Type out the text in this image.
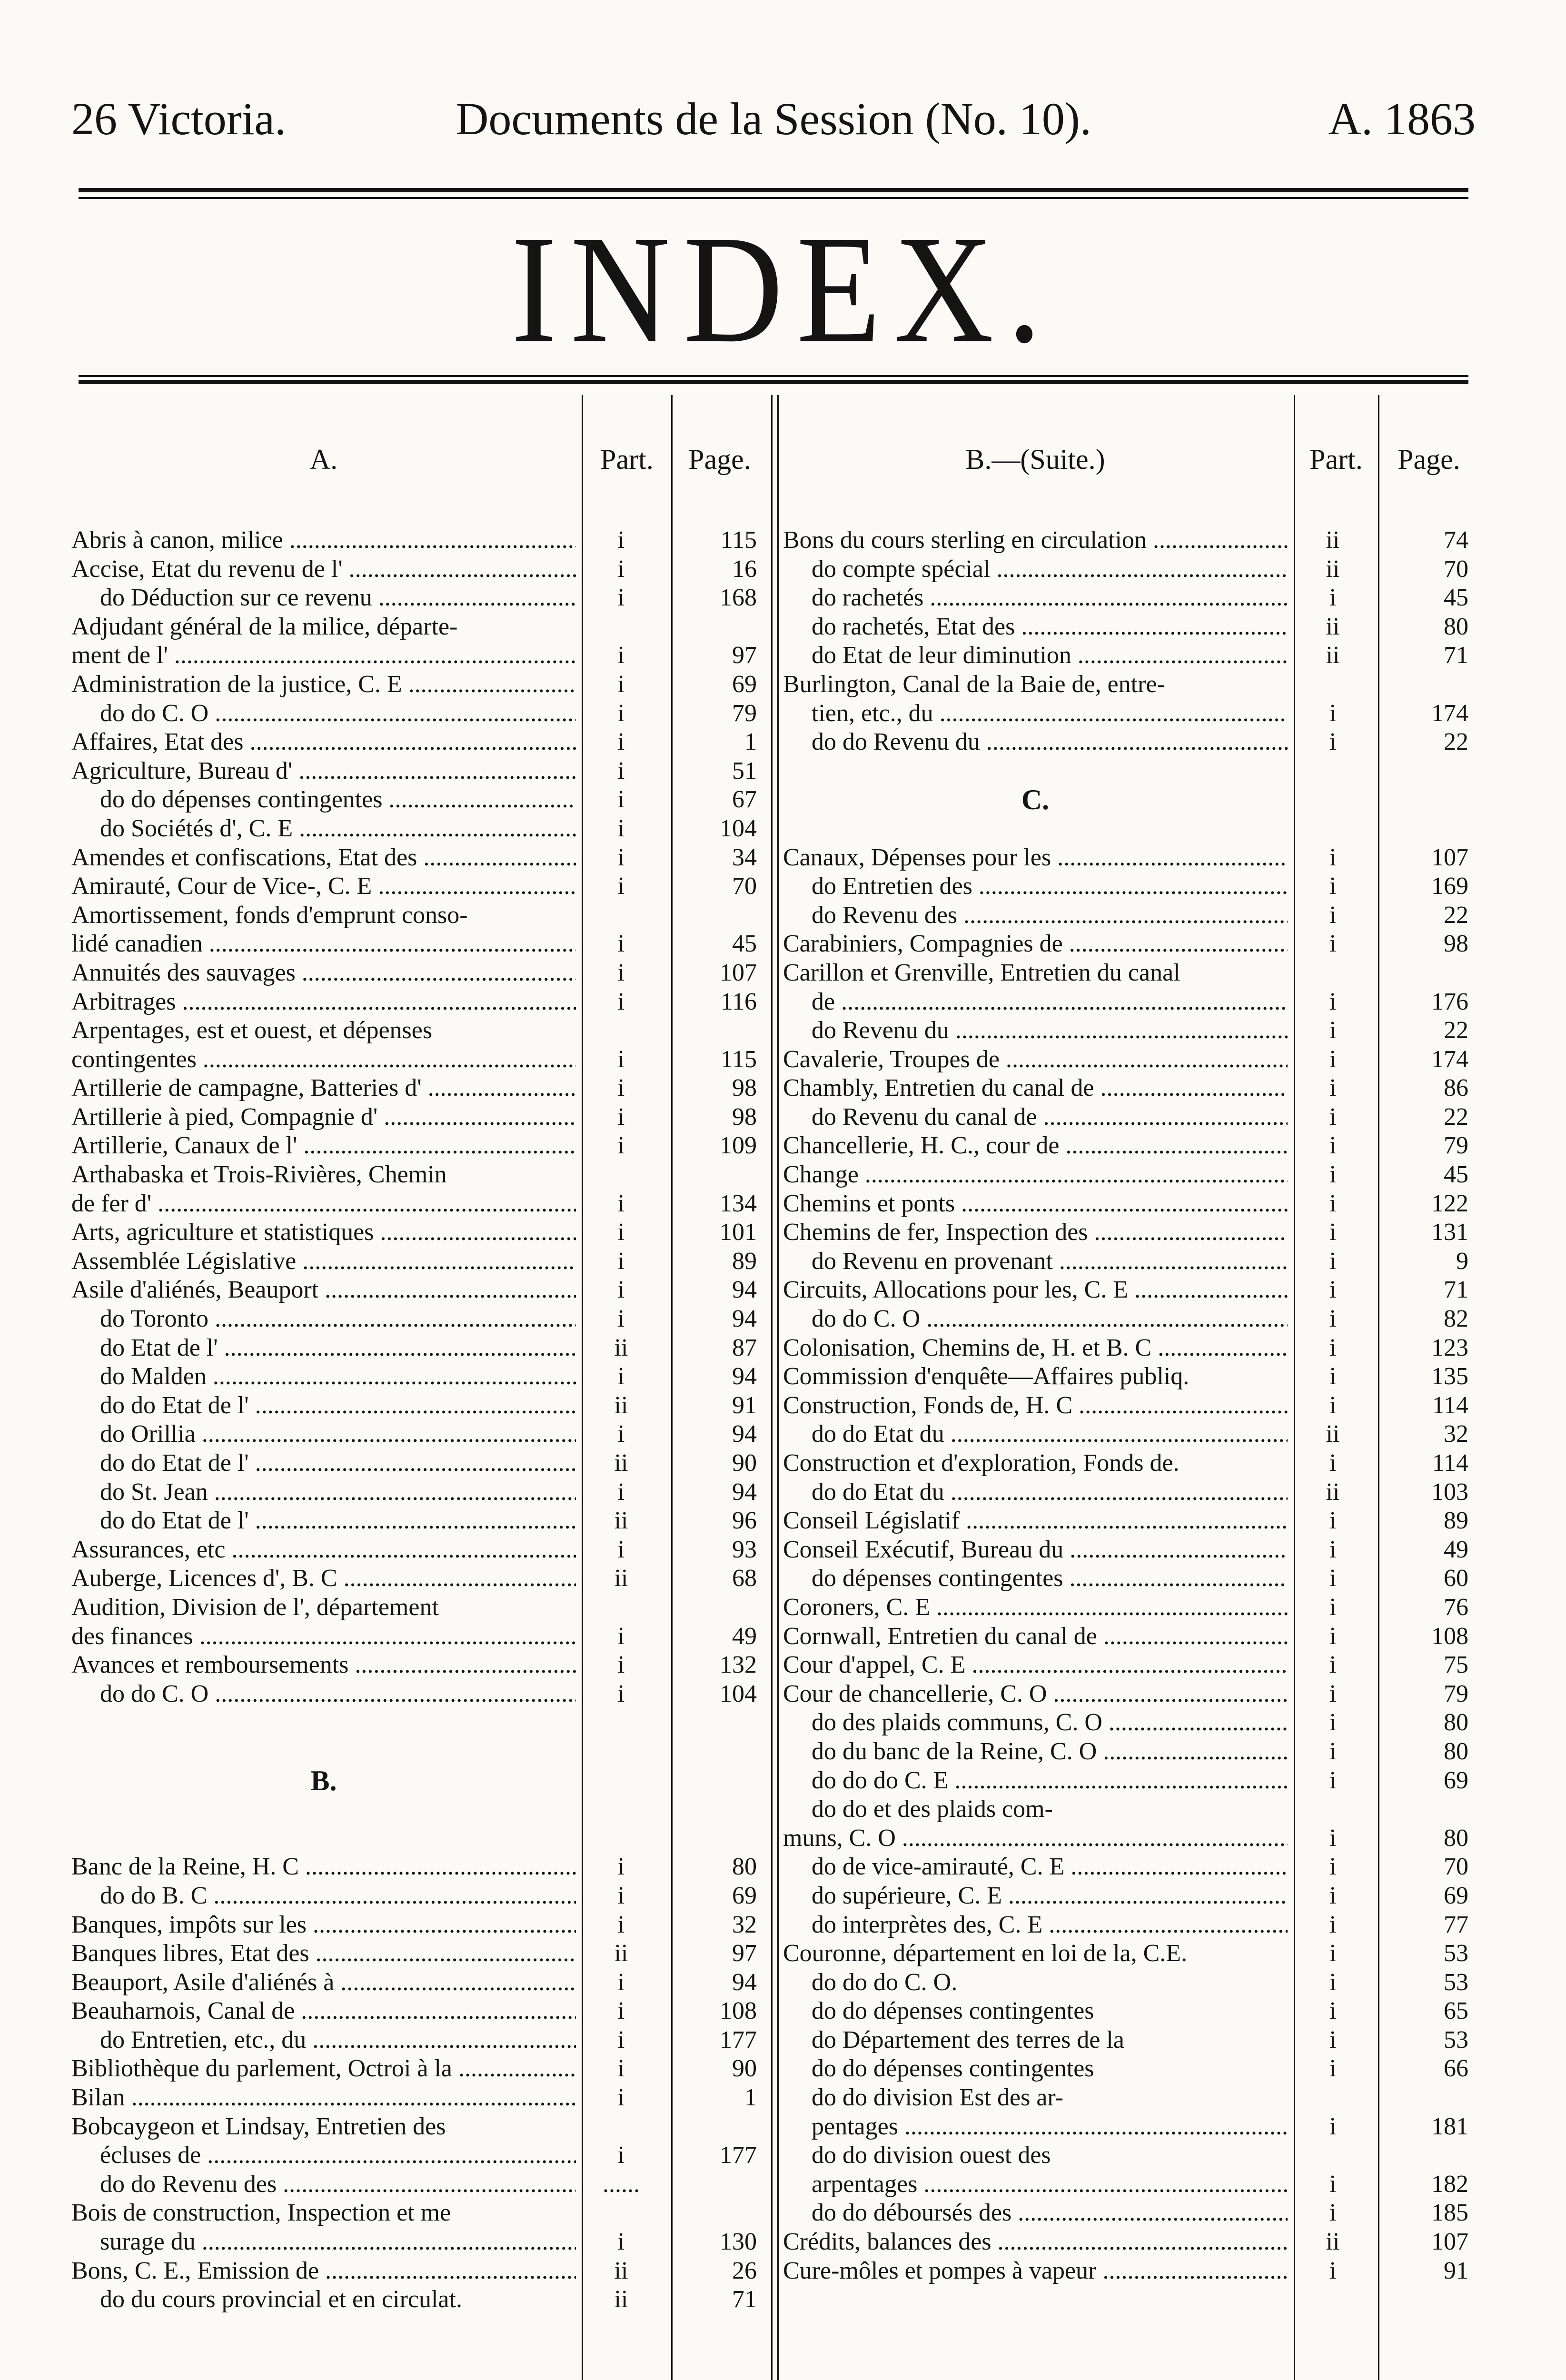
26 Victoria.	Documents de la Session (No. 10).	A. 1863
INDEX.
A.	Part.	Page.
Abris à canon, milice .....	i	115
Accise, Etat du revenu de l' .....	i	16
do Déduction sur ce revenu .....	i	168
Adjudant général de la milice, départe-
ment de l' .....	i	97
Administration de la justice, C. E .....	i	69
do do C. O .....	i	79
Affaires, Etat des .....	i	1
Agriculture, Bureau d' .....	i	51
do do dépenses contingentes .....	i	67
do Sociétés d', C. E .....	i	104
Amendes et confiscations, Etat des .....	i	34
Amirauté, Cour de Vice-, C. E .....	i	70
Amortissement, fonds d'emprunt conso-
lidé canadien .....	i	45
Annuités des sauvages .....	i	107
Arbitrages .....	i	116
Arpentages, est et ouest, et dépenses
contingentes .....	i	115
Artillerie de campagne, Batteries d' .....	i	98
Artillerie à pied, Compagnie d' .....	i	98
Artillerie, Canaux de l' .....	i	109
Arthabaska et Trois-Rivières, Chemin
de fer d' .....	i	134
Arts, agriculture et statistiques .....	i	101
Assemblée Législative .....	i	89
Asile d'aliénés, Beauport .....	i	94
do Toronto .....	i	94
do Etat de l' .....	ii	87
do Malden .....	i	94
do do Etat de l' .....	ii	91
do Orillia .....	i	94
do do Etat de l' .....	ii	90
do St. Jean .....	i	94
do do Etat de l' .....	ii	96
Assurances, etc .....	i	93
Auberge, Licences d', B. C .....	ii	68
Audition, Division de l', département
des finances .....	i	49
Avances et remboursements .....	i	132
do do C. O .....	i	104
B.
Banc de la Reine, H. C .....	i	80
do do B. C .....	i	69
Banques, impôts sur les .....	i	32
Banques libres, Etat des .....	ii	97
Beauport, Asile d'aliénés à .....	i	94
Beauharnois, Canal de .....	i	108
do Entretien, etc., du .....	i	177
Bibliothèque du parlement, Octroi à la .....	i	90
Bilan .....	i	1
Bobcaygeon et Lindsay, Entretien des
écluses de .....	i	177
do do Revenu des .....	......
Bois de construction, Inspection et me
surage du .....	i	130
Bons, C. E., Emission de .....	ii	26
do du cours provincial et en circulat.	ii	71
B.—(Suite.)	Part.	Page.
Bons du cours sterling en circulation .....	ii	74
do compte spécial .....	ii	70
do rachetés .....	i	45
do rachetés, Etat des .....	ii	80
do Etat de leur diminution .....	ii	71
Burlington, Canal de la Baie de, entre-
tien, etc., du .....	i	174
do do Revenu du .....	i	22
C.
Canaux, Dépenses pour les .....	i	107
do Entretien des .....	i	169
do Revenu des .....	i	22
Carabiniers, Compagnies de .....	i	98
Carillon et Grenville, Entretien du canal
de .....	i	176
do Revenu du .....	i	22
Cavalerie, Troupes de .....	i	174
Chambly, Entretien du canal de .....	i	86
do Revenu du canal de .....	i	22
Chancellerie, H. C., cour de .....	i	79
Change .....	i	45
Chemins et ponts .....	i	122
Chemins de fer, Inspection des .....	i	131
do Revenu en provenant .....	i	9
Circuits, Allocations pour les, C. E .....	i	71
do do C. O .....	i	82
Colonisation, Chemins de, H. et B. C .....	i	123
Commission d'enquête—Affaires publiq.	i	135
Construction, Fonds de, H. C .....	i	114
do do Etat du .....	ii	32
Construction et d'exploration, Fonds de.	i	114
do do Etat du .....	ii	103
Conseil Législatif .....	i	89
Conseil Exécutif, Bureau du .....	i	49
do dépenses contingentes .....	i	60
Coroners, C. E .....	i	76
Cornwall, Entretien du canal de .....	i	108
Cour d'appel, C. E .....	i	75
Cour de chancellerie, C. O .....	i	79
do des plaids communs, C. O .....	i	80
do du banc de la Reine, C. O .....	i	80
do do do C. E .....	i	69
do do et des plaids com-
muns, C. O .....	i	80
do de vice-amirauté, C. E .....	i	70
do supérieure, C. E .....	i	69
do interprètes des, C. E .....	i	77
Couronne, département en loi de la, C.E.	i	53
do do do C. O.	i	53
do do dépenses contingentes	i	65
do Département des terres de la	i	53
do do dépenses contingentes	i	66
do do division Est des ar-
pentages .....	i	181
do do division ouest des
arpentages .....	i	182
do do déboursés des .....	i	185
Crédits, balances des .....	ii	107
Cure-môles et pompes à vapeur .....	i	91
